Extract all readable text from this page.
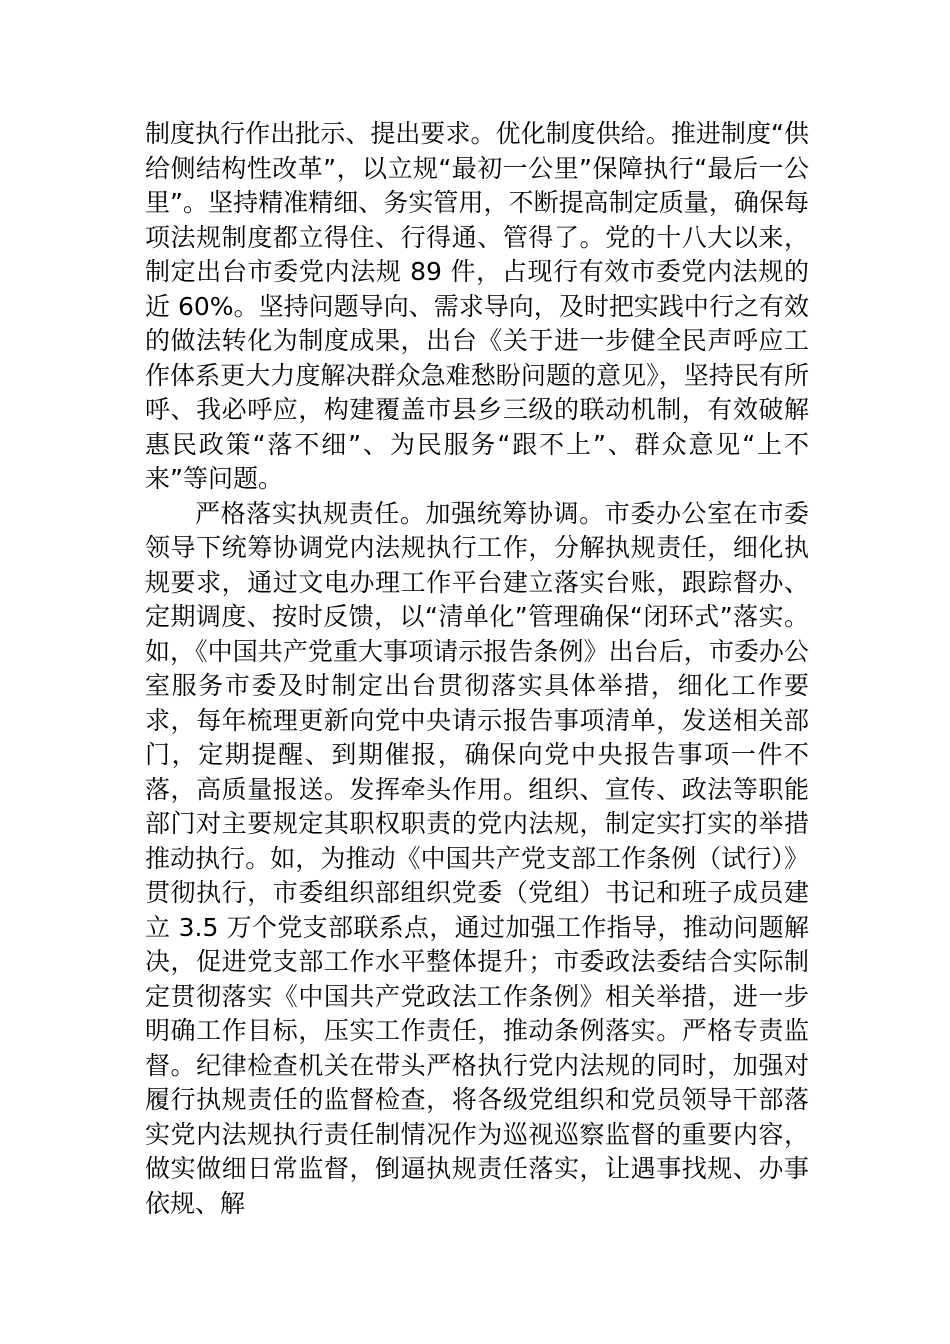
制度执行作出批示、提出要求。优化制度供给。推进制度“供给侧结构性改革”，以立规“最初一公里”保障执行“最后一公里”。坚持精准精细、务实管用，不断提高制定质量，确保每项法规制度都立得住、行得通、管得了。党的十八大以来，制定出台市委党内法规 89 件，占现行有效市委党内法规的近 60%。坚持问题导向、需求导向，及时把实践中行之有效的做法转化为制度成果，出台《关于进一步健全民声呼应工作体系更大力度解决群众急难愁盼问题的意见》，坚持民有所呼、我必呼应，构建覆盖市县乡三级的联动机制，有效破解惠民政策“落不细”、为民服务“跟不上”、群众意见“上不来”等问题。

严格落实执规责任。加强统筹协调。市委办公室在市委领导下统筹协调党内法规执行工作，分解执规责任，细化执规要求，通过文电办理工作平台建立落实台账，跟踪督办、定期调度、按时反馈，以“清单化”管理确保“闭环式”落实。如，《中国共产党重大事项请示报告条例》出台后，市委办公室服务市委及时制定出台贯彻落实具体举措，细化工作要求，每年梳理更新向党中央请示报告事项清单，发送相关部门，定期提醒、到期催报，确保向党中央报告事项一件不落，高质量报送。发挥牵头作用。组织、宣传、政法等职能部门对主要规定其职权职责的党内法规，制定实打实的举措推动执行。如，为推动《中国共产党支部工作条例（试行）》贯彻执行，市委组织部组织党委（党组）书记和班子成员建立 3.5 万个党支部联系点，通过加强工作指导，推动问题解决，促进党支部工作水平整体提升；市委政法委结合实际制定贯彻落实《中国共产党政法工作条例》相关举措，进一步明确工作目标，压实工作责任，推动条例落实。严格专责监督。纪律检查机关在带头严格执行党内法规的同时，加强对履行执规责任的监督检查，将各级党组织和党员领导干部落实党内法规执行责任制情况作为巡视巡察监督的重要内容，做实做细日常监督，倒逼执规责任落实，让遇事找规、办事依规、解
